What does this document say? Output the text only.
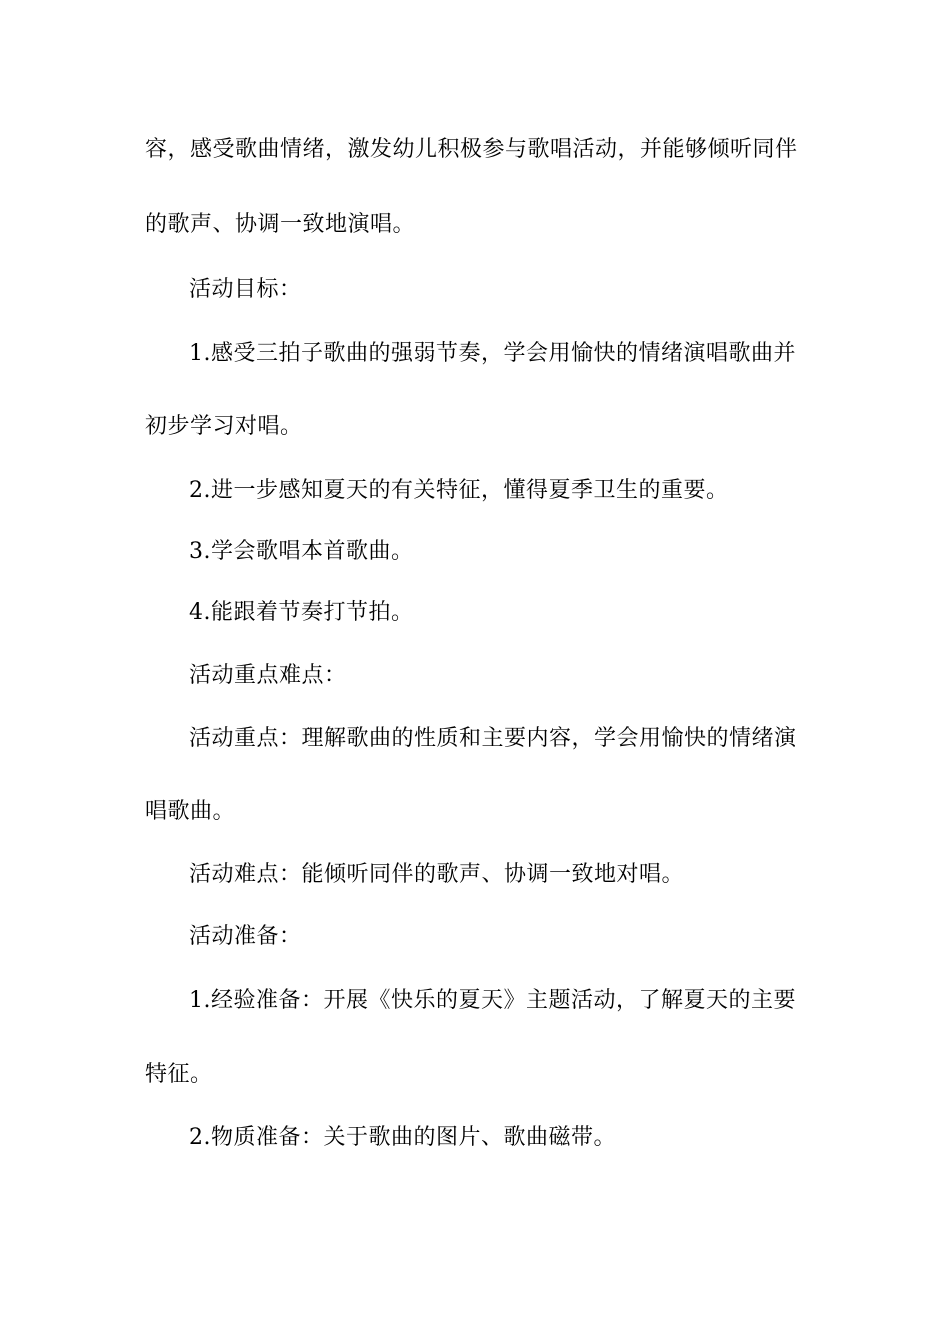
容，感受歌曲情绪，激发幼儿积极参与歌唱活动，并能够倾听同伴
的歌声、协调一致地演唱。
活动目标：
1.感受三拍子歌曲的强弱节奏，学会用愉快的情绪演唱歌曲并
初步学习对唱。
2.进一步感知夏天的有关特征，懂得夏季卫生的重要。
3.学会歌唱本首歌曲。
4.能跟着节奏打节拍。
活动重点难点：
活动重点：理解歌曲的性质和主要内容，学会用愉快的情绪演
唱歌曲。
活动难点：能倾听同伴的歌声、协调一致地对唱。
活动准备：
1.经验准备：开展《快乐的夏天》主题活动，了解夏天的主要
特征。
2.物质准备：关于歌曲的图片、歌曲磁带。
